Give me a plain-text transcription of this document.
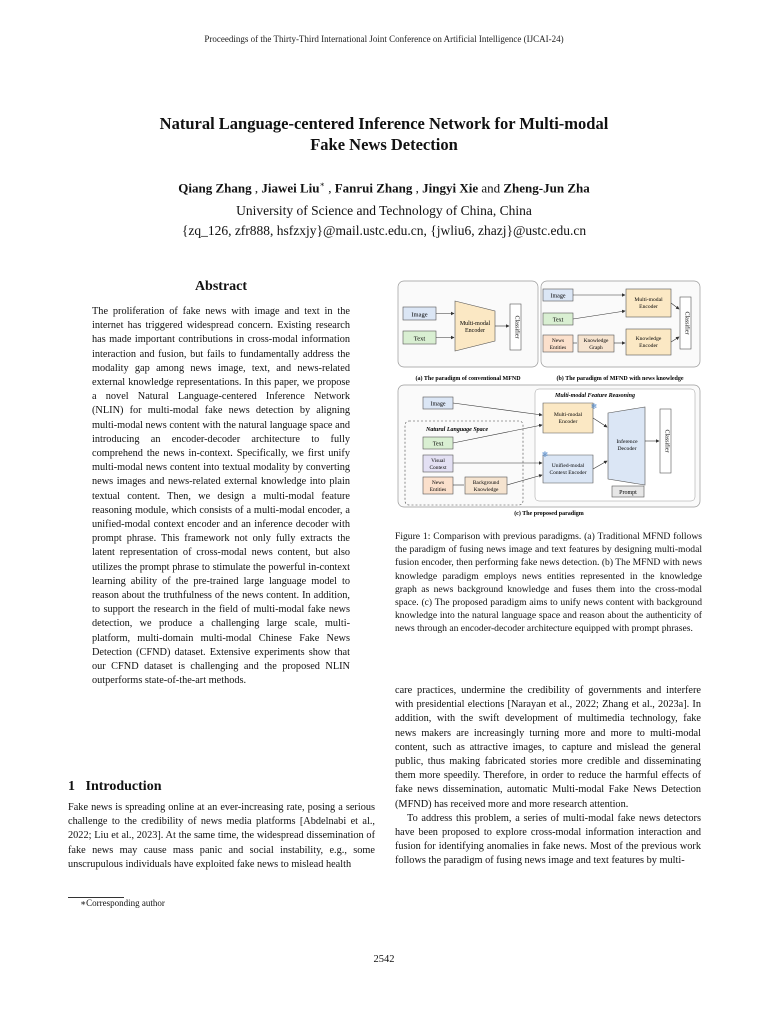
Proceedings of the Thirty-Third International Joint Conference on Artificial Intelligence (IJCAI-24)
Natural Language-centered Inference Network for Multi-modal
Fake News Detection
Qiang Zhang , Jiawei Liu∗ , Fanrui Zhang , Jingyi Xie and Zheng-Jun Zha
University of Science and Technology of China, China
{zq_126, zfr888, hsfzxjy}@mail.ustc.edu.cn, {jwliu6, zhazj}@ustc.edu.cn
Abstract
The proliferation of fake news with image and text in the internet has triggered widespread concern. Existing research has made important contributions in cross-modal information interaction and fusion, but fails to fundamentally address the modality gap among news image, text, and news-related external knowledge representations. In this paper, we propose a novel Natural Language-centered Inference Network (NLIN) for multi-modal fake news detection by aligning multi-modal news content with the natural language space and introducing an encoder-decoder architecture to fully comprehend the news in-context. Specifically, we first unify multi-modal news content into textual modality by converting news images and news-related external knowledge into plain textual content. Then, we design a multi-modal feature reasoning module, which consists of a multi-modal encoder, a unified-modal context encoder and an inference decoder with prompt phrase. This framework not only fully extracts the latent representation of cross-modal news content, but also utilizes the prompt phrase to stimulate the powerful in-context learning ability of the pre-trained large language model to reason about the truthfulness of the news content. In addition, to support the research in the field of multi-modal fake news detection, we produce a challenging large scale, multi-platform, multi-domain multi-modal Chinese Fake News Detection (CFND) dataset. Extensive experiments show that our CFND dataset is challenging and the proposed NLIN outperforms state-of-the-art methods.
1   Introduction
Fake news is spreading online at an ever-increasing rate, posing a serious challenge to the credibility of news media platforms [Abdelnabi et al., 2022; Liu et al., 2023]. At the same time, the widespread dissemination of fake news may cause mass panic and social instability, e.g., some unscrupulous individuals have exploited fake news to mislead health
∗Corresponding author
Image
Text
Multi-modal
Encoder	Classifier
(a) The paradigm of conventional MFND
Image
Text
News
Entities
Knowledge
Graph
Multi-modal
Encoder
Knowledge
Encoder
Classifier
(b) The paradigm of MFND with news knowledge
Image
Natural Language Space
Text
Visual
Context
News
Entities
Background
Knowledge
Multi-modal Feature Reasoning
Multi-modal
Encoder
Unified-modal
Context Encoder
Inference
Decoder
Prompt
Classifier
❄
❄
(c) The proposed paradigm
Figure 1: Comparison with previous paradigms. (a) Traditional MFND follows the paradigm of fusing news image and text features by designing multi-modal fusion encoder, then performing fake news detection. (b) The MFND with news knowledge paradigm employs news entities represented in the knowledge graph as news background knowledge and fuses them into the cross-modal space. (c) The proposed paradigm aims to unify news content with background knowledge into the natural language space and reason about the authenticity of news through an encoder-decoder architecture equipped with prompt phrases.

care practices, undermine the credibility of governments and interfere with presidential elections [Narayan et al., 2022; Zhang et al., 2023a]. In addition, with the swift development of multimedia technology, fake news makers are increasingly turning more and more to multi-modal content, such as attractive images, to capture and mislead the general public, thus making fabricated stories more credible and disseminating them more speedily. Therefore, in order to reduce the harmful effects of fake news dissemination, automatic Multi-modal Fake News Detection (MFND) has received more and more research attention.

To address this problem, a series of multi-modal fake news detectors have been proposed to explore cross-modal information interaction and fusion for identifying anomalies in fake news. Most of the previous work follows the paradigm of fusing news image and text features by multi-

2542
